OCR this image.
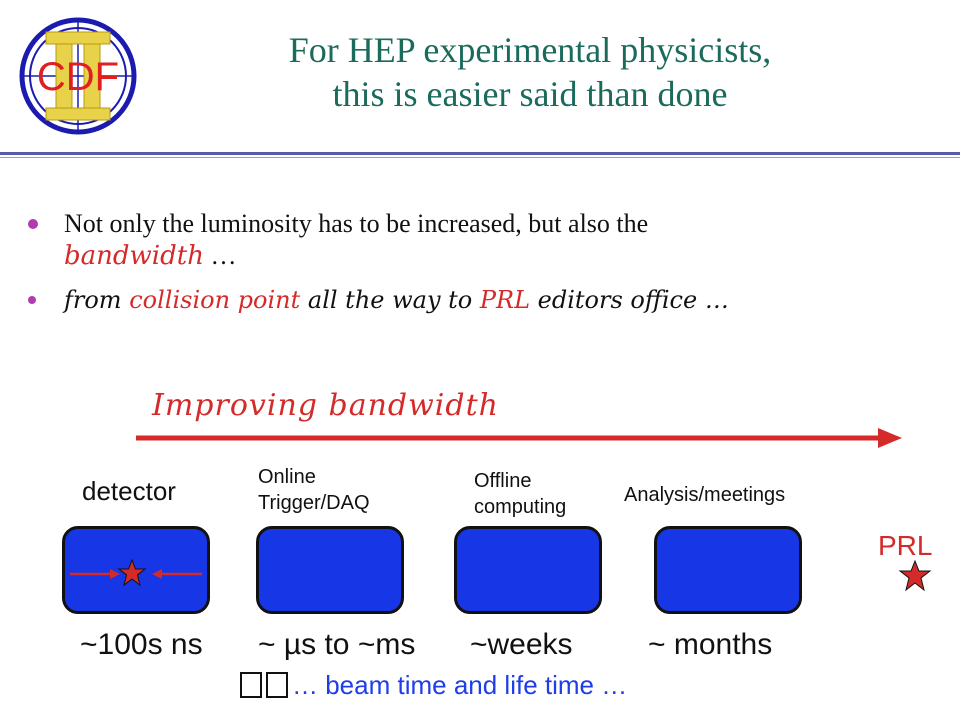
CDF
For HEP experimental physicists,
this is easier said than done
Not only the luminosity has to be increased, but also the
bandwidth …
from collision point all the way to PRL editors office …
Improving bandwidth
detector	Online
Trigger/DAQ
Offline
computing
Analysis/meetings
PRL
~100s ns ~ µs to ~ms ~weeks	~ months
… beam time and life time …
